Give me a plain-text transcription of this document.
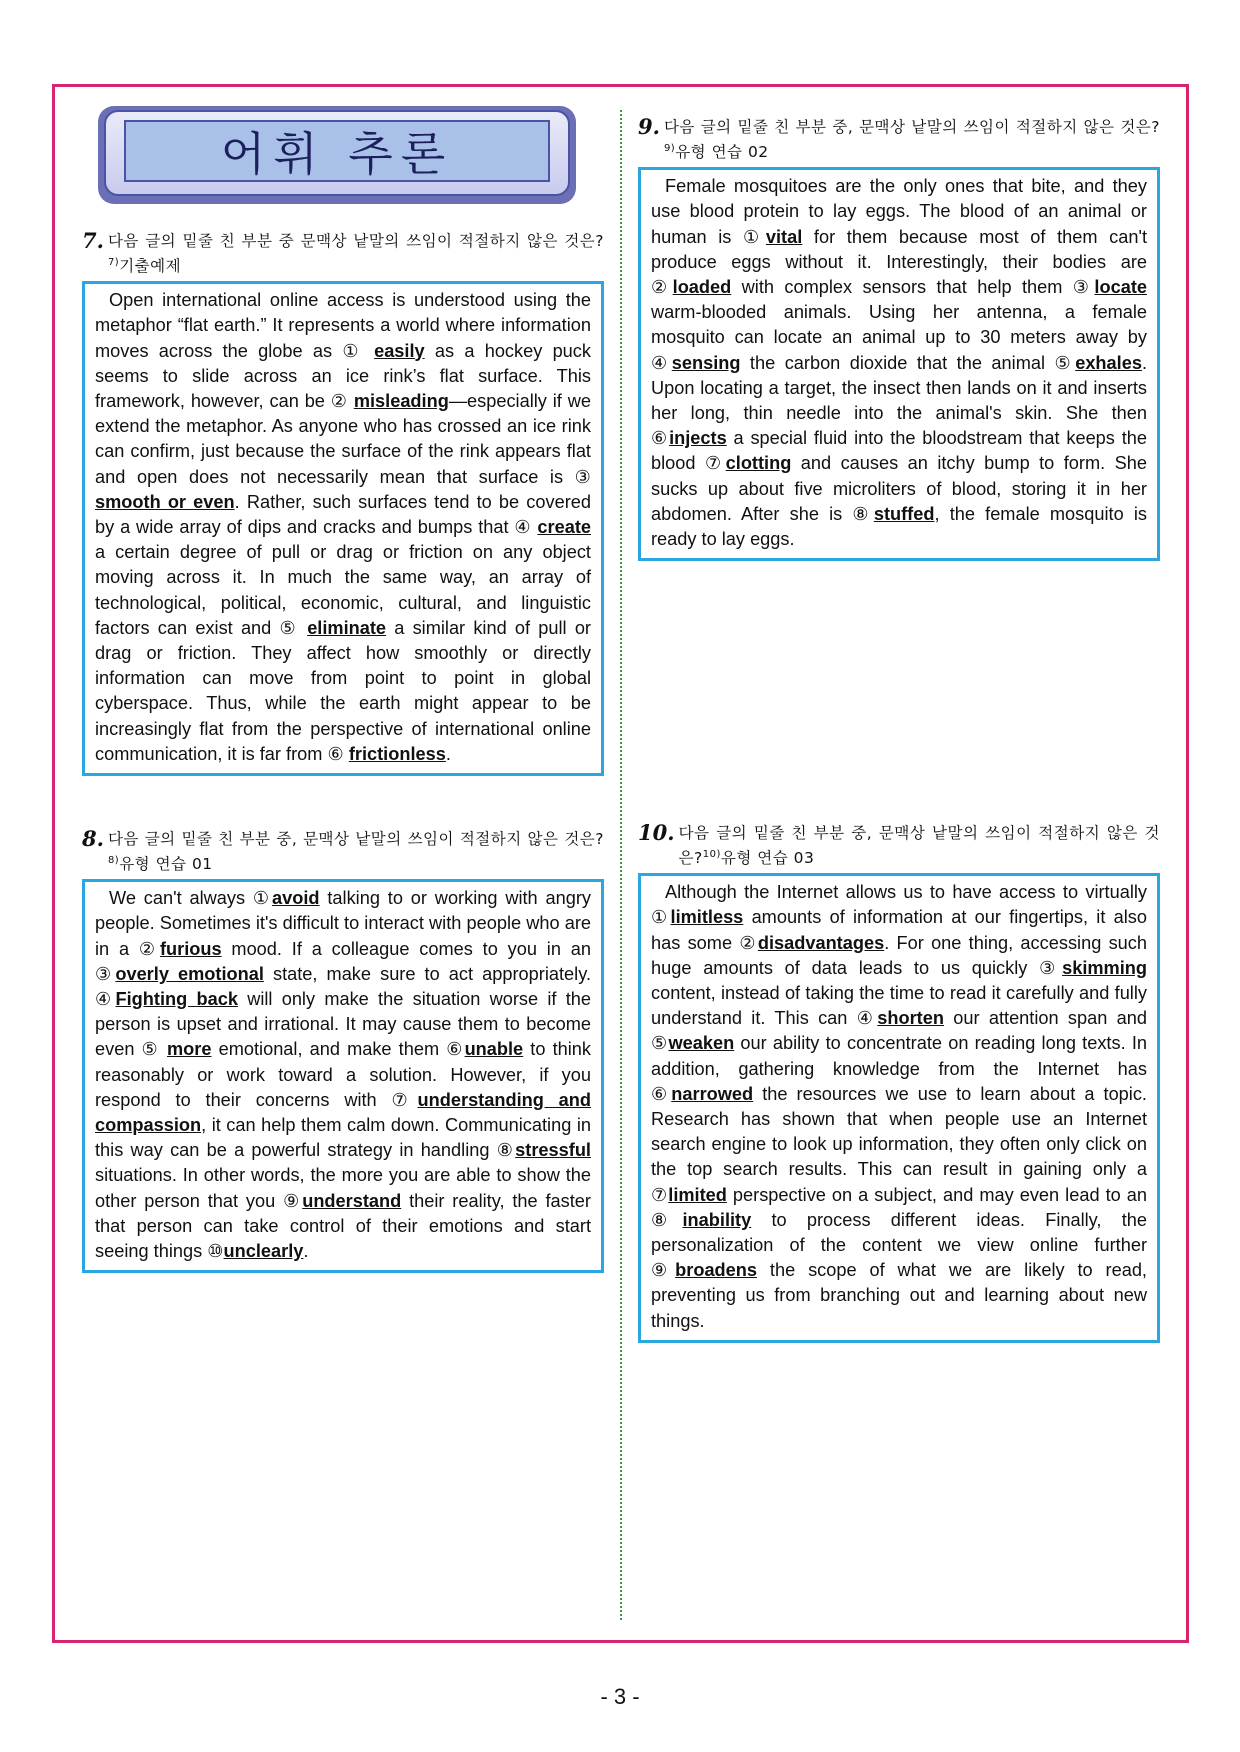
어휘 추론
7. 다음 글의 밑줄 친 부분 중 문맥상 낱말의 쓰임이 적절하지 않은 것은?$^{7)}$기출예제
Open international online access is understood using the metaphor “flat earth.” It represents a world where information moves across the globe as ① easily as a hockey puck seems to slide across an ice rink’s flat surface. This framework, however, can be ② misleading—especially if we extend the metaphor. As anyone who has crossed an ice rink can confirm, just because the surface of the rink appears flat and open does not necessarily mean that surface is ③ smooth or even. Rather, such surfaces tend to be covered by a wide array of dips and cracks and bumps that ④ create a certain degree of pull or drag or friction on any object moving across it. In much the same way, an array of technological, political, economic, cultural, and linguistic factors can exist and ⑤ eliminate a similar kind of pull or drag or friction. They affect how smoothly or directly information can move from point to point in global cyberspace. Thus, while the earth might appear to be increasingly flat from the perspective of international online communication, it is far from ⑥ frictionless.
8. 다음 글의 밑줄 친 부분 중, 문맥상 낱말의 쓰임이 적절하지 않은 것은?$^{8)}$유형 연습 01
We can't always ①avoid talking to or working with angry people. Sometimes it's difficult to interact with people who are in a ②furious mood. If a colleague comes to you in an ③overly emotional state, make sure to act appropriately. ④Fighting back will only make the situation worse if the person is upset and irrational. It may cause them to become even ⑤ more emotional, and make them ⑥unable to think reasonably or work toward a solution. However, if you respond to their concerns with ⑦understanding and compassion, it can help them calm down. Communicating in this way can be a powerful strategy in handling ⑧stressful situations. In other words, the more you are able to show the other person that you ⑨understand their reality, the faster that person can take control of their emotions and start seeing things ⑩unclearly.
9. 다음 글의 밑줄 친 부분 중, 문맥상 낱말의 쓰임이 적절하지 않은 것은?$^{9)}$유형 연습 02
Female mosquitoes are the only ones that bite, and they use blood protein to lay eggs. The blood of an animal or human is ①vital for them because most of them can't produce eggs without it. Interestingly, their bodies are ②loaded with complex sensors that help them ③locate warm-blooded animals. Using her antenna, a female mosquito can locate an animal up to 30 meters away by ④sensing the carbon dioxide that the animal ⑤exhales. Upon locating a target, the insect then lands on it and inserts her long, thin needle into the animal's skin. She then ⑥injects a special fluid into the bloodstream that keeps the blood ⑦clotting and causes an itchy bump to form. She sucks up about five microliters of blood, storing it in her abdomen. After she is ⑧stuffed, the female mosquito is ready to lay eggs.
10. 다음 글의 밑줄 친 부분 중, 문맥상 낱말의 쓰임이 적절하지 않은 것은?$^{10)}$유형 연습 03
Although the Internet allows us to have access to virtually ①limitless amounts of information at our fingertips, it also has some ②disadvantages. For one thing, accessing such huge amounts of data leads to us quickly ③skimming content, instead of taking the time to read it carefully and fully understand it. This can ④shorten our attention span and ⑤weaken our ability to concentrate on reading long texts. In addition, gathering knowledge from the Internet has ⑥narrowed the resources we use to learn about a topic. Research has shown that when people use an Internet search engine to look up information, they often only click on the top search results. This can result in gaining only a ⑦limited perspective on a subject, and may even lead to an ⑧inability to process different ideas. Finally, the personalization of the content we view online further ⑨broadens the scope of what we are likely to read, preventing us from branching out and learning about new things.
- 3 -
